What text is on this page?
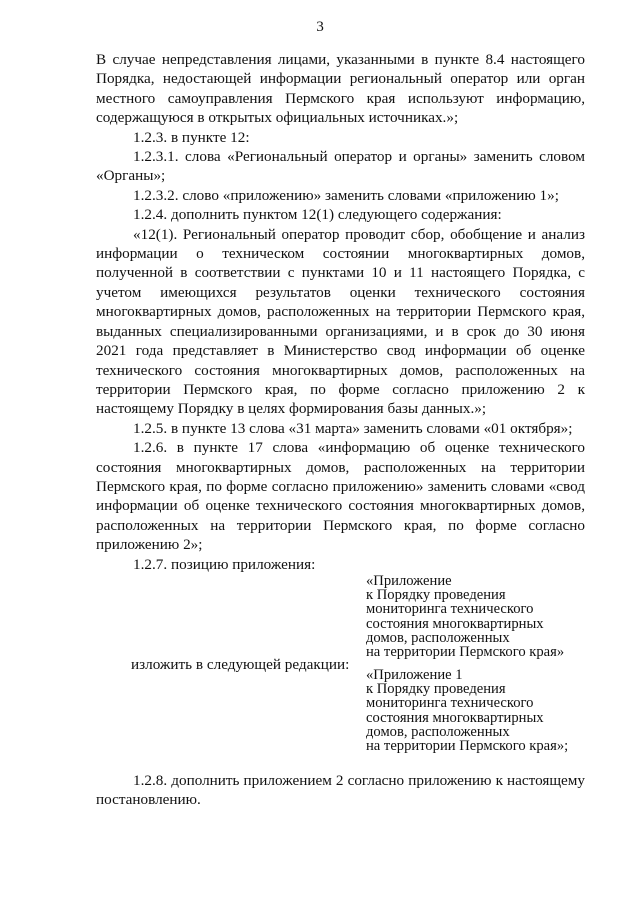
3

В случае непредставления лицами, указанными в пункте 8.4 настоящего Порядка, недостающей информации региональный оператор или орган местного самоуправления Пермского края используют информацию, содержащуюся в открытых официальных источниках.»;

1.2.3. в пункте 12:

1.2.3.1. слова «Региональный оператор и органы» заменить словом «Органы»;

1.2.3.2. слово «приложению» заменить словами «приложению 1»;

1.2.4. дополнить пунктом 12(1) следующего содержания:

«12(1). Региональный оператор проводит сбор, обобщение и анализ информации о техническом состоянии многоквартирных домов, полученной в соответствии с пунктами 10 и 11 настоящего Порядка, с учетом имеющихся результатов оценки технического состояния многоквартирных домов, расположенных на территории Пермского края, выданных специализированными организациями, и в срок до 30 июня 2021 года представляет в Министерство свод информации об оценке технического состояния многоквартирных домов, расположенных на территории Пермского края, по форме согласно приложению 2 к настоящему Порядку в целях формирования базы данных.»;

1.2.5. в пункте 13 слова «31 марта» заменить словами «01 октября»;

1.2.6. в пункте 17 слова «информацию об оценке технического состояния многоквартирных домов, расположенных на территории Пермского края, по форме согласно приложению» заменить словами «свод информации об оценке технического состояния многоквартирных домов, расположенных на территории Пермского края, по форме согласно приложению 2»;

1.2.7. позицию приложения:

«Приложение
к Порядку проведения
мониторинга технического
состояния многоквартирных
домов, расположенных
на территории Пермского края»

изложить в следующей редакции:

«Приложение 1
к Порядку проведения
мониторинга технического
состояния многоквартирных
домов, расположенных
на территории Пермского края»;

1.2.8. дополнить приложением 2 согласно приложению к настоящему постановлению.
